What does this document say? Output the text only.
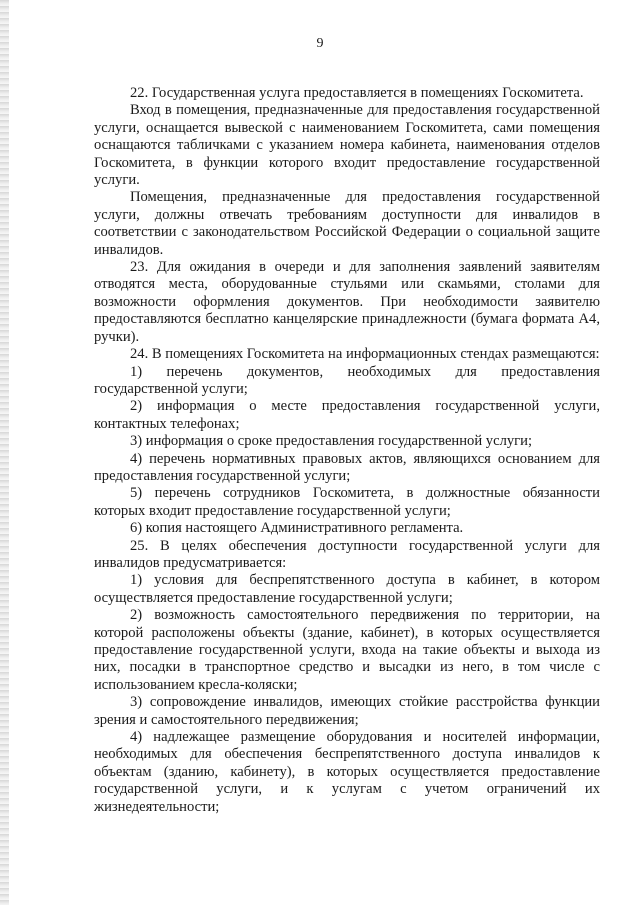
9

22. Государственная услуга предоставляется в помещениях Госкомитета.

Вход в помещения, предназначенные для предоставления государственной услуги, оснащается вывеской с наименованием Госкомитета, сами помещения оснащаются табличками с указанием номера кабинета, наименования отделов Госкомитета, в функции которого входит предоставление государственной услуги.

Помещения, предназначенные для предоставления государственной услуги, должны отвечать требованиям доступности для инвалидов в соответствии с законодательством Российской Федерации о социальной защите инвалидов.

23. Для ожидания в очереди и для заполнения заявлений заявителям отводятся места, оборудованные стульями или скамьями, столами для возможности оформления документов. При необходимости заявителю предоставляются бесплатно канцелярские принадлежности (бумага формата А4, ручки).

24. В помещениях Госкомитета на информационных стендах размещаются:

1) перечень документов, необходимых для предоставления государственной услуги;

2) информация о месте предоставления государственной услуги, контактных телефонах;

3) информация о сроке предоставления государственной услуги;

4) перечень нормативных правовых актов, являющихся основанием для предоставления государственной услуги;

5) перечень сотрудников Госкомитета, в должностные обязанности которых входит предоставление государственной услуги;

6) копия настоящего Административного регламента.

25. В целях обеспечения доступности государственной услуги для инвалидов предусматривается:

1) условия для беспрепятственного доступа в кабинет, в котором осуществляется предоставление государственной услуги;

2) возможность самостоятельного передвижения по территории, на которой расположены объекты (здание, кабинет), в которых осуществляется предоставление государственной услуги, входа на такие объекты и выхода из них, посадки в транспортное средство и высадки из него, в том числе с использованием кресла-коляски;

3) сопровождение инвалидов, имеющих стойкие расстройства функции зрения и самостоятельного передвижения;

4) надлежащее размещение оборудования и носителей информации, необходимых для обеспечения беспрепятственного доступа инвалидов к объектам (зданию, кабинету), в которых осуществляется предоставление государственной услуги, и к услугам с учетом ограничений их жизнедеятельности;
